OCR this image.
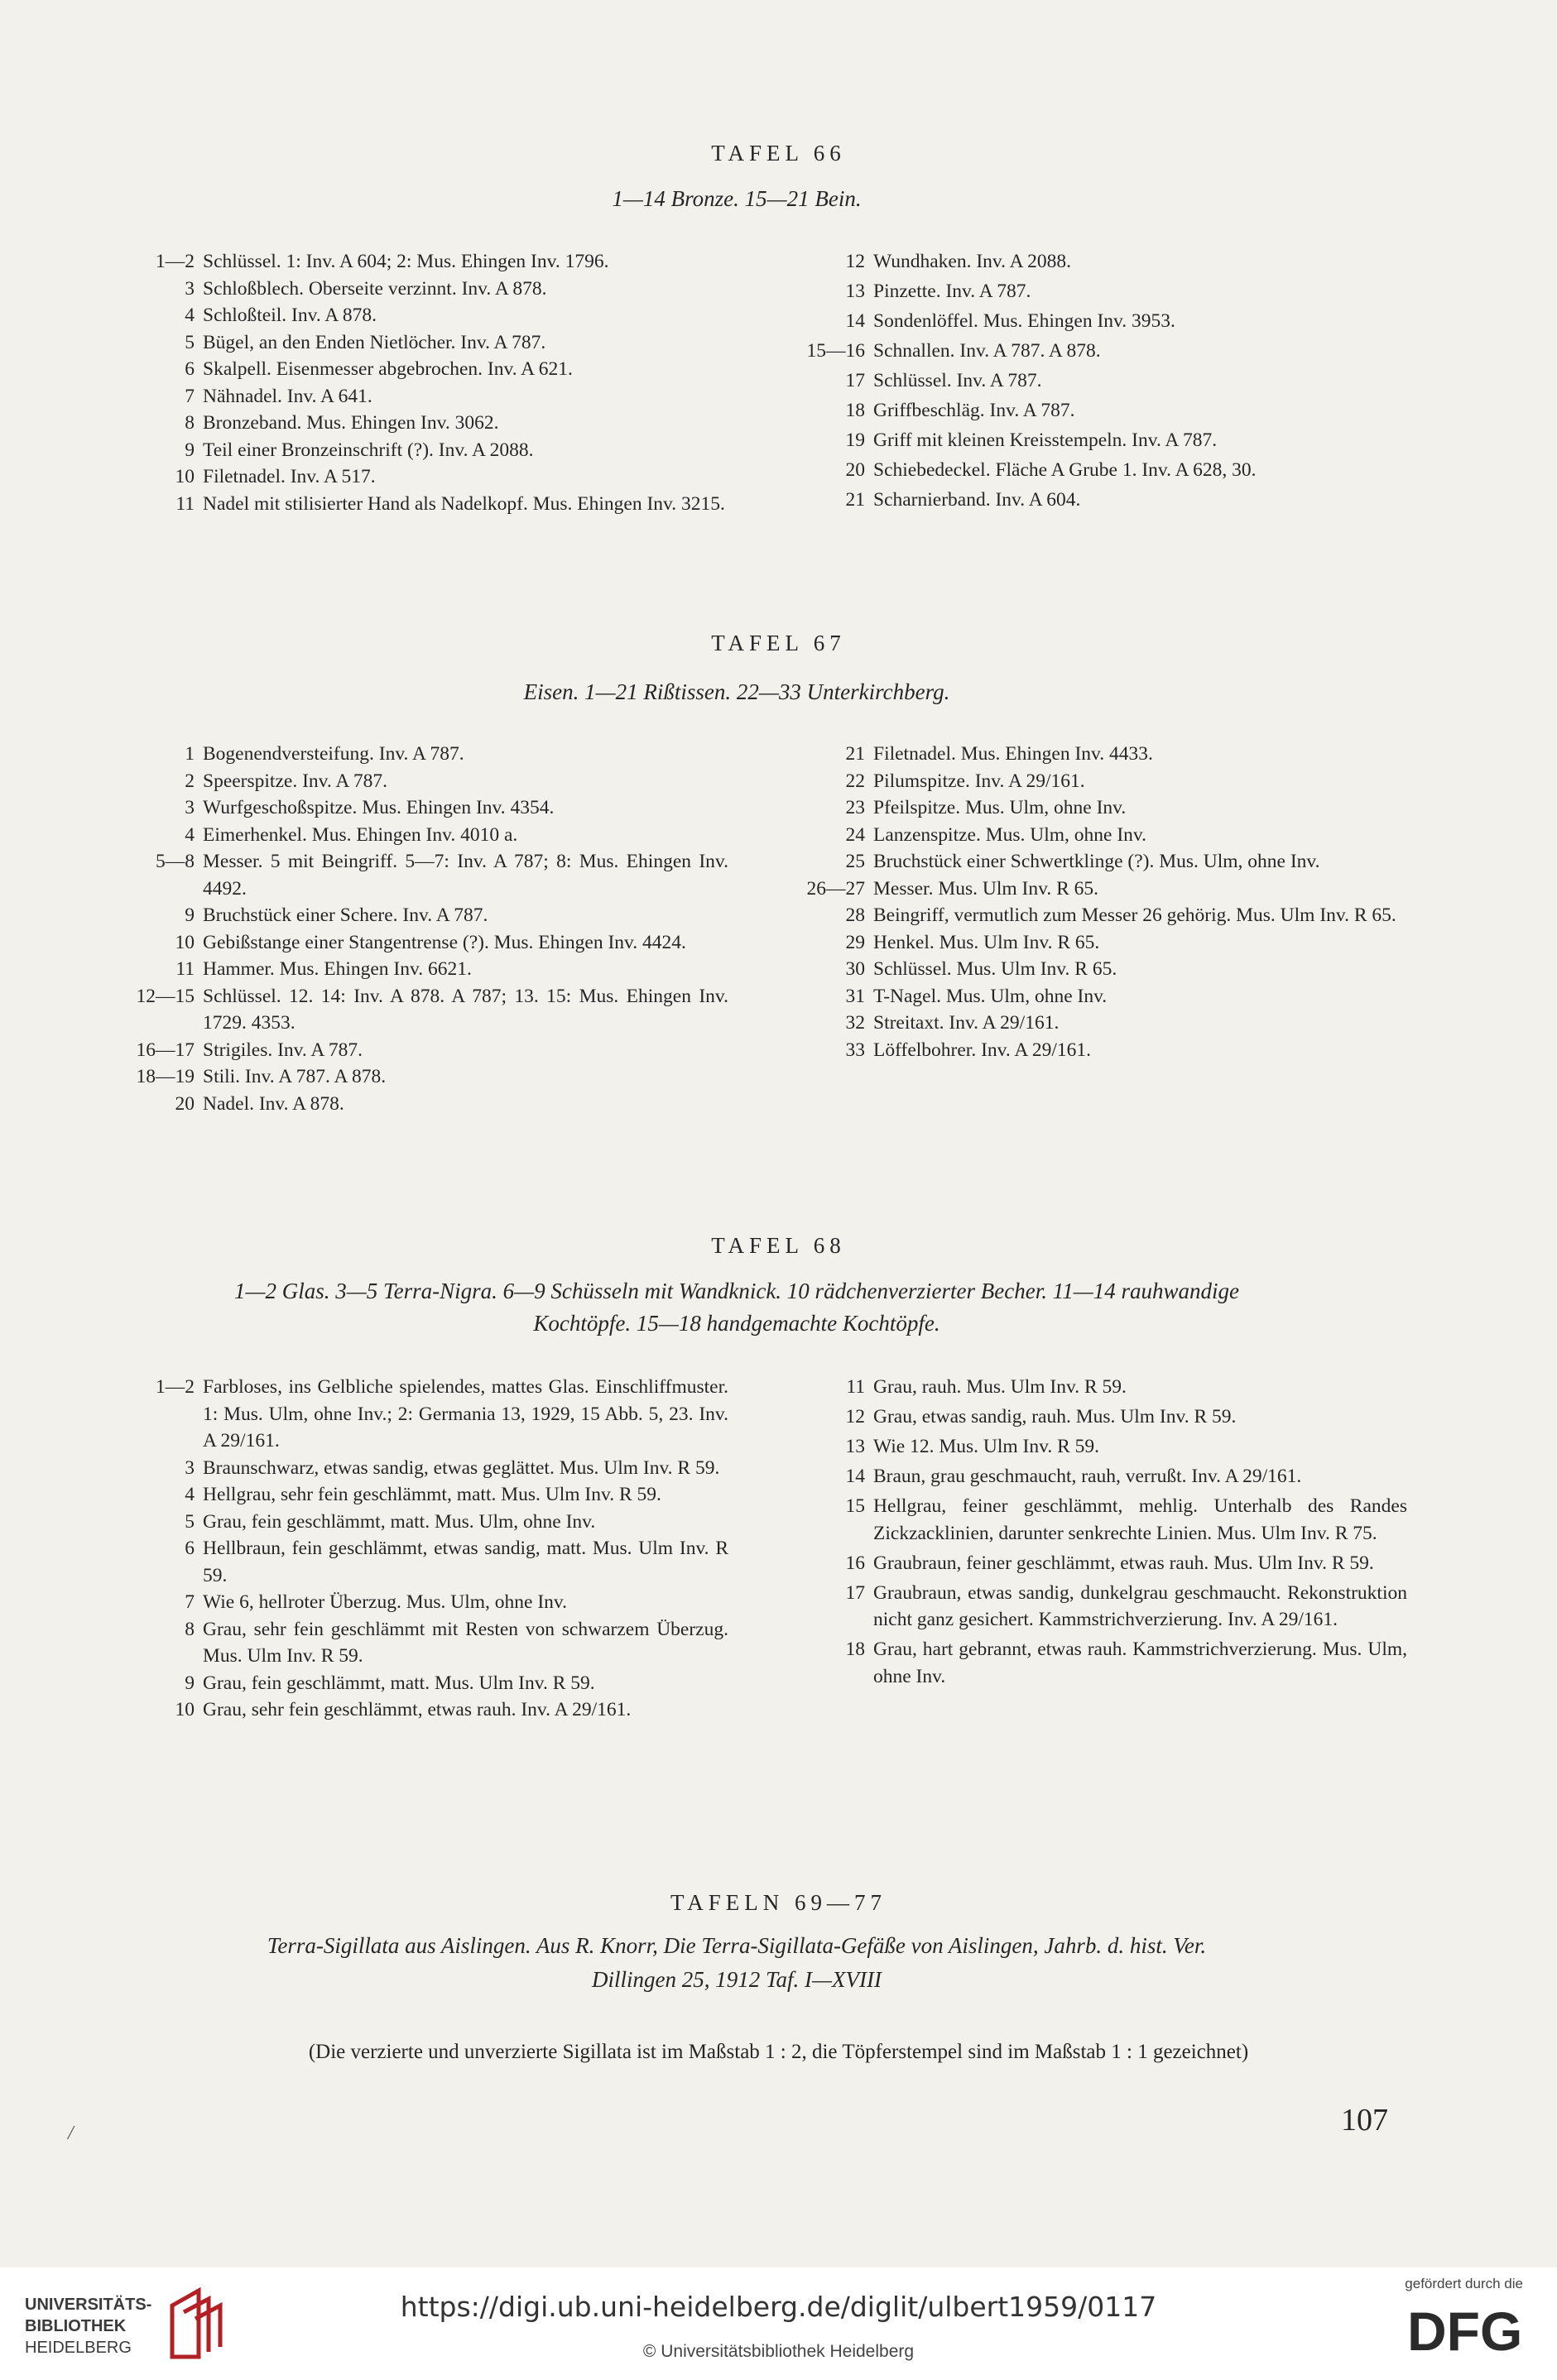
TAFEL 66
1—14 Bronze. 15—21 Bein.
1—2 Schlüssel. 1: Inv. A 604; 2: Mus. Ehingen Inv. 1796.
3 Schloßblech. Oberseite verzinnt. Inv. A 878.
4 Schloßteil. Inv. A 878.
5 Bügel, an den Enden Nietlöcher. Inv. A 787.
6 Skalpell. Eisenmesser abgebrochen. Inv. A 621.
7 Nähnadel. Inv. A 641.
8 Bronzeband. Mus. Ehingen Inv. 3062.
9 Teil einer Bronzeinschrift (?). Inv. A 2088.
10 Filetnadel. Inv. A 517.
11 Nadel mit stilisierter Hand als Nadelkopf. Mus. Ehingen Inv. 3215.
12 Wundhaken. Inv. A 2088.
13 Pinzette. Inv. A 787.
14 Sondenlöffel. Mus. Ehingen Inv. 3953.
15—16 Schnallen. Inv. A 787. A 878.
17 Schlüssel. Inv. A 787.
18 Griffbeschläg. Inv. A 787.
19 Griff mit kleinen Kreisstempeln. Inv. A 787.
20 Schiebedeckel. Fläche A Grube 1. Inv. A 628, 30.
21 Scharnierband. Inv. A 604.
TAFEL 67
Eisen. 1—21 Rißtissen. 22—33 Unterkirchberg.
1 Bogenendversteifung. Inv. A 787.
2 Speerspitze. Inv. A 787.
3 Wurfgeschoßspitze. Mus. Ehingen Inv. 4354.
4 Eimerhenkel. Mus. Ehingen Inv. 4010 a.
5—8 Messer. 5 mit Beingriff. 5—7: Inv. A 787; 8: Mus. Ehingen Inv. 4492.
9 Bruchstück einer Schere. Inv. A 787.
10 Gebißstange einer Stangentrense (?). Mus. Ehingen Inv. 4424.
11 Hammer. Mus. Ehingen Inv. 6621.
12—15 Schlüssel. 12. 14: Inv. A 878. A 787; 13. 15: Mus. Ehingen Inv. 1729. 4353.
16—17 Strigiles. Inv. A 787.
18—19 Stili. Inv. A 787. A 878.
20 Nadel. Inv. A 878.
21 Filetnadel. Mus. Ehingen Inv. 4433.
22 Pilumspitze. Inv. A 29/161.
23 Pfeilspitze. Mus. Ulm, ohne Inv.
24 Lanzenspitze. Mus. Ulm, ohne Inv.
25 Bruchstück einer Schwertklinge (?). Mus. Ulm, ohne Inv.
26—27 Messer. Mus. Ulm Inv. R 65.
28 Beingriff, vermutlich zum Messer 26 gehörig. Mus. Ulm Inv. R 65.
29 Henkel. Mus. Ulm Inv. R 65.
30 Schlüssel. Mus. Ulm Inv. R 65.
31 T-Nagel. Mus. Ulm, ohne Inv.
32 Streitaxt. Inv. A 29/161.
33 Löffelbohrer. Inv. A 29/161.
TAFEL 68
1—2 Glas. 3—5 Terra-Nigra. 6—9 Schüsseln mit Wandknick. 10 rädchenverzierter Becher. 11—14 rauhwandige
Kochtöpfe. 15—18 handgemachte Kochtöpfe.
1—2 Farbloses, ins Gelbliche spielendes, mattes Glas. Einschliffmuster. 1: Mus. Ulm, ohne Inv.; 2: Germania 13, 1929, 15 Abb. 5, 23. Inv. A 29/161.
3 Braunschwarz, etwas sandig, etwas geglättet. Mus. Ulm Inv. R 59.
4 Hellgrau, sehr fein geschlämmt, matt. Mus. Ulm Inv. R 59.
5 Grau, fein geschlämmt, matt. Mus. Ulm, ohne Inv.
6 Hellbraun, fein geschlämmt, etwas sandig, matt. Mus. Ulm Inv. R 59.
7 Wie 6, hellroter Überzug. Mus. Ulm, ohne Inv.
8 Grau, sehr fein geschlämmt mit Resten von schwarzem Überzug. Mus. Ulm Inv. R 59.
9 Grau, fein geschlämmt, matt. Mus. Ulm Inv. R 59.
10 Grau, sehr fein geschlämmt, etwas rauh. Inv. A 29/161.
11 Grau, rauh. Mus. Ulm Inv. R 59.
12 Grau, etwas sandig, rauh. Mus. Ulm Inv. R 59.
13 Wie 12. Mus. Ulm Inv. R 59.
14 Braun, grau geschmaucht, rauh, verrußt. Inv. A 29/161.
15 Hellgrau, feiner geschlämmt, mehlig. Unterhalb des Randes Zickzacklinien, darunter senkrechte Linien. Mus. Ulm Inv. R 75.
16 Graubraun, feiner geschlämmt, etwas rauh. Mus. Ulm Inv. R 59.
17 Graubraun, etwas sandig, dunkelgrau geschmaucht. Rekonstruktion nicht ganz gesichert. Kammstrichverzierung. Inv. A 29/161.
18 Grau, hart gebrannt, etwas rauh. Kammstrichverzierung. Mus. Ulm, ohne Inv.
TAFELN 69—77
Terra-Sigillata aus Aislingen. Aus R. Knorr, Die Terra-Sigillata-Gefäße von Aislingen, Jahrb. d. hist. Ver.
Dillingen 25, 1912 Taf. I—XVIII
(Die verzierte und unverzierte Sigillata ist im Maßstab 1 : 2, die Töpferstempel sind im Maßstab 1 : 1 gezeichnet)
/	107
UNIVERSITÄTS-
BIBLIOTHEK
HEIDELBERG
https://digi.ub.uni-heidelberg.de/diglit/ulbert1959/0117
© Universitätsbibliothek Heidelberg
gefördert durch die
DFG
